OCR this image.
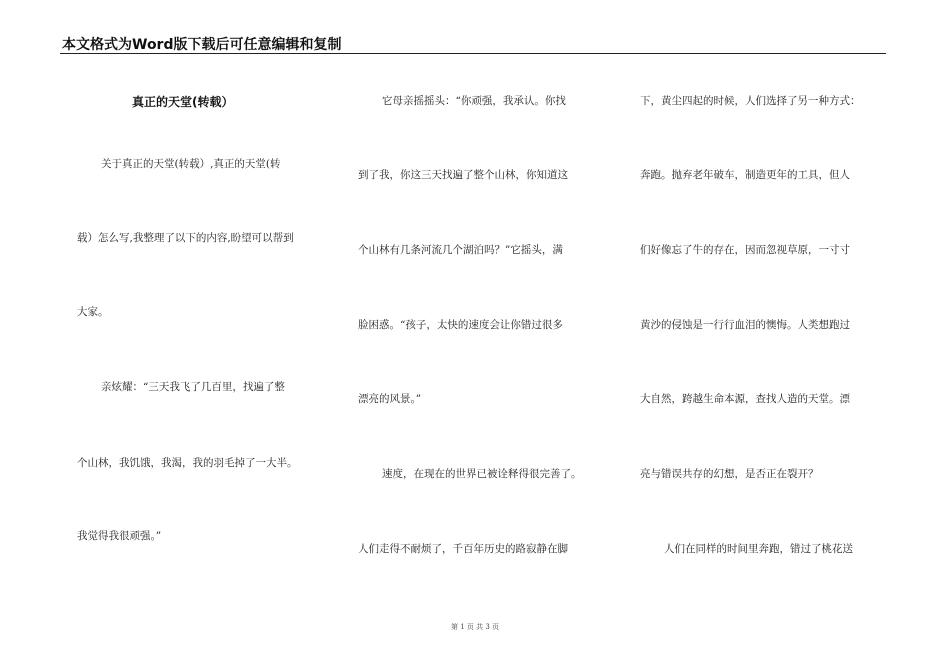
本文格式为Word版下载后可任意编辑和复制
真正的天堂(转载）
关于真正的天堂(转载）,真正的天堂(转
载）怎么写,我整理了以下的内容,盼望可以帮到
大家。
亲炫耀：“三天我飞了几百里，找遍了整
个山林，我饥饿，我渴，我的羽毛掉了一大半。
我觉得我很顽强。”
它母亲摇摇头：“你顽强，我承认。你找
到了我，你这三天找遍了整个山林，你知道这
个山林有几条河流几个湖泊吗？”它摇头，满
脸困惑。“孩子，太快的速度会让你错过很多
漂亮的风景。”
速度，在现在的世界已被诠释得很完善了。
人们走得不耐烦了，千百年历史的路寂静在脚
下，黄尘四起的时候，人们选择了另一种方式：
奔跑。抛弃老年破车，制造更年的工具，但人
们好像忘了牛的存在，因而忽视草原，一寸寸
黄沙的侵蚀是一行行血泪的懊悔。人类想跑过
大自然，跨越生命本源，查找人造的天堂。漂
亮与错误共存的幻想，是否正在裂开？
人们在同样的时间里奔跑，错过了桃花送
第 1 页 共 3 页
